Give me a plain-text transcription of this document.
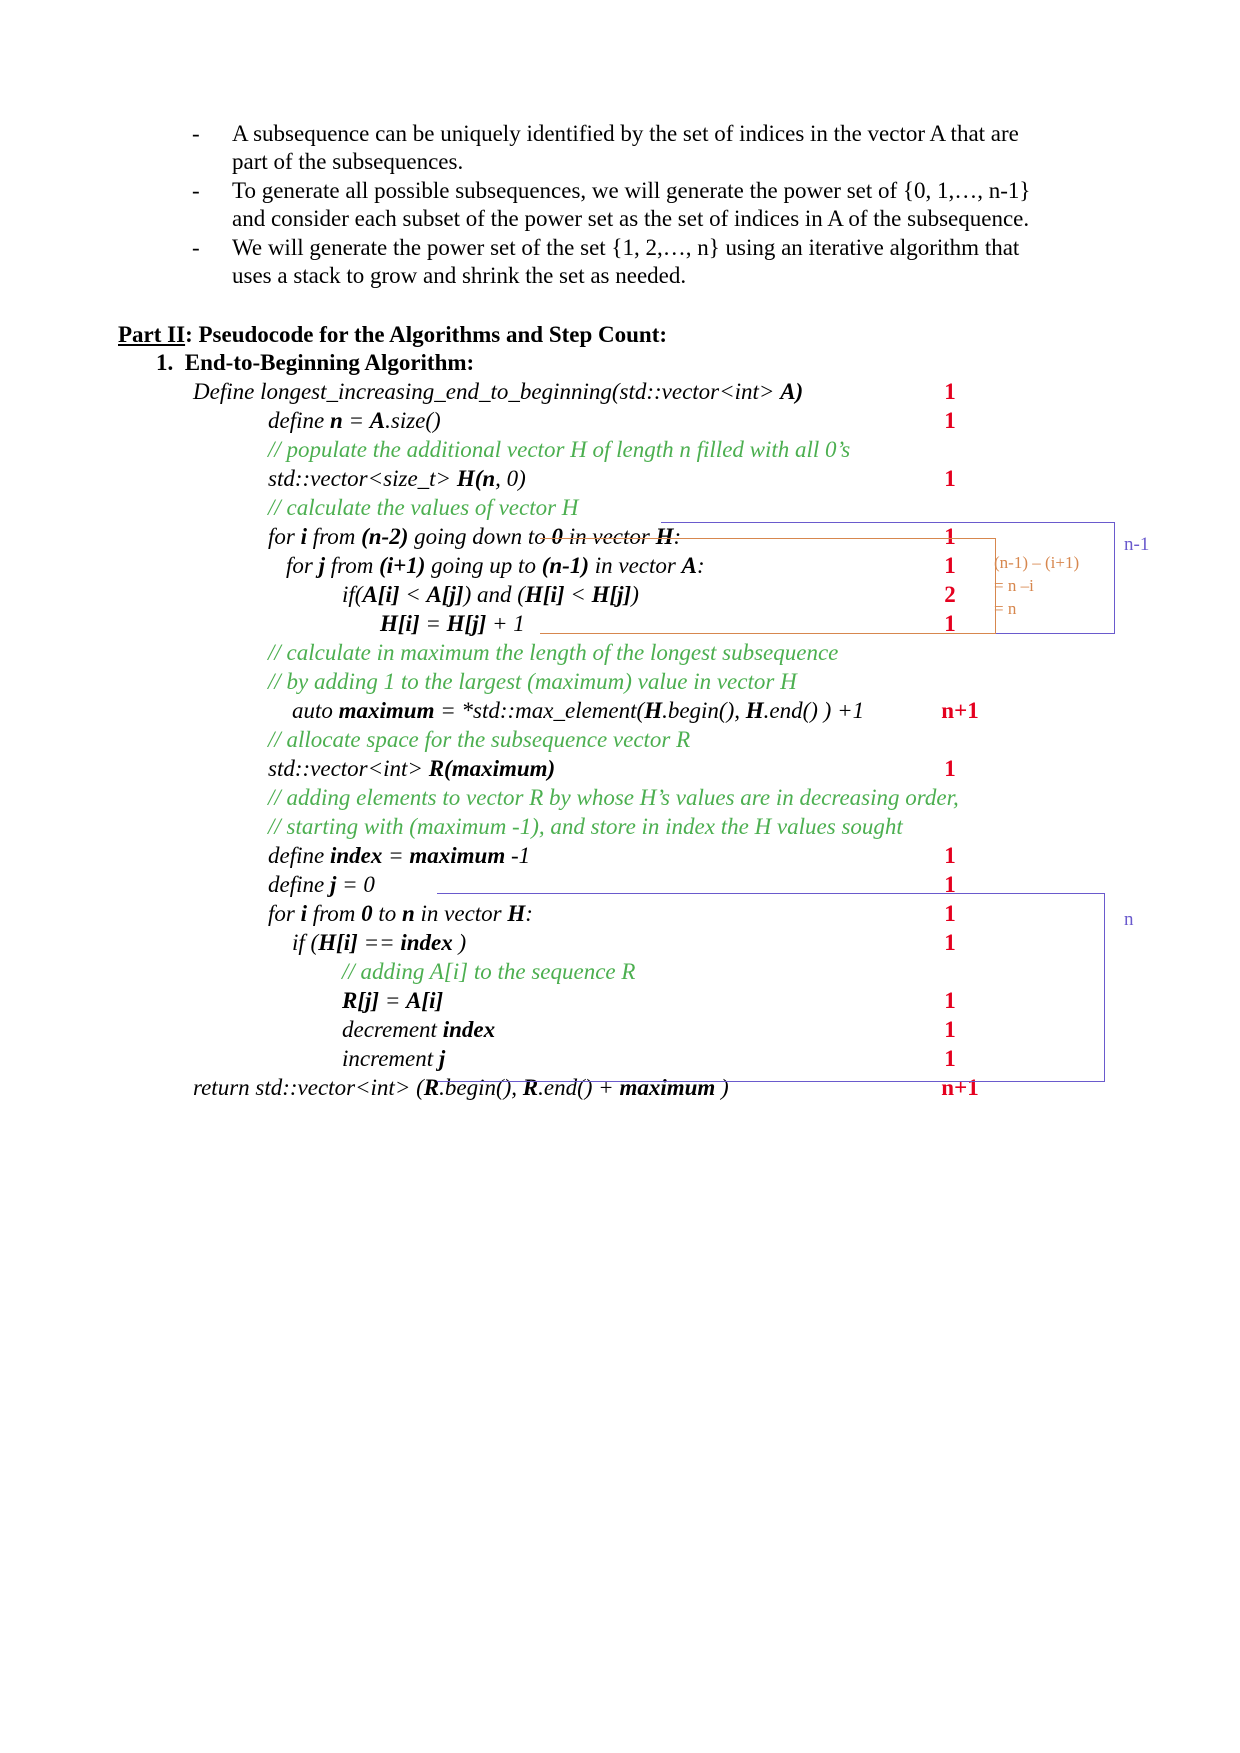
- A subsequence can be uniquely identified by the set of indices in the vector A that are
part of the subsequences.
- To generate all possible subsequences, we will generate the power set of {0, 1,…, n-1}
and consider each subset of the power set as the set of indices in A of the subsequence.
- We will generate the power set of the set {1, 2,…, n} using an iterative algorithm that
uses a stack to grow and shrink the set as needed.
Part II: Pseudocode for the Algorithms and Step Count:
1. End-to-Beginning Algorithm:
Define longest_increasing_end_to_beginning(std::vector<int> A)	1
define n = A.size()	1
// populate the additional vector H of length n filled with all 0’s
std::vector<size_t> H(n, 0)	1
// calculate the values of vector H
for i from (n-2) going down to 0 in vector H:	1
for j from (i+1) going up to (n-1) in vector A:	1
if(A[i] < A[j]) and (H[i] < H[j])	2
H[i] = H[j] + 1	1
// calculate in maximum the length of the longest subsequence
// by adding 1 to the largest (maximum) value in vector H
auto maximum = *std::max_element(H.begin(), H.end() ) +1	n+1
// allocate space for the subsequence vector R
std::vector<int> R(maximum)	1
// adding elements to vector R by whose H’s values are in decreasing order,
// starting with (maximum -1), and store in index the H values sought
define index = maximum -1	1
define j = 0	1
for i from 0 to n in vector H:	1
if (H[i] == index )	1
// adding A[i] to the sequence R
R[j] = A[i]	1
decrement index	1
increment j	1
return std::vector<int> (R.begin(), R.end() + maximum )	n+1
(n-1) – (i+1)
= n –i
= n
n-1
n
